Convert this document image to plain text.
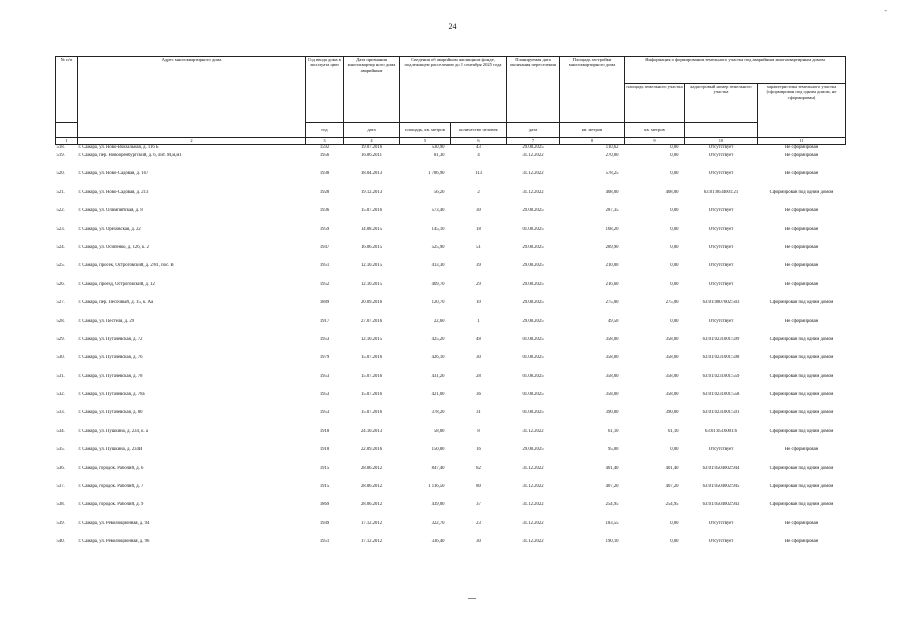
24
-
№ п/п	Адрес многоквартирного дома	Год ввода дома в эксплуата цию	Дата признания многоквартир ного дома аварийным	Сведения об аварийном жилищном фонде, подлежащем расселению до 1 сентября 2025 года		Планируемая дата окончания переселения	Площадь застройки многоквартирного дома	Информация о формировании земельного участка под аварийным многоквартирным домом		
								площадь земельного участка	кадастровый номер земельного участка	характеристика земельного участка (сформирован под одним домом, не сформирован)
		год	дата	площадь, кв. метров	количество человек	дата	кв. метров	кв. метров		
1	2	3	4	5	6	7	8	9	10	11
518.	г. Самара, ул. Ново-Вокзальная, д. 116 Б	1592	19.07.2016	530,90	43	29.08.2025	110,62	0,00	Отсутствует	Не сформирован
519.	г. Самара, пер. Новооренбургский, д. 6, лит. М,м,м1	1956	16.06.2011	81,30	4	31.12.2022	270,00	0,00	Отсутствует	Не сформирован
520.	г. Самара, ул. Ново-Садовая, д. 167	1938	18.04.2013	1 786,90	113	31.12.2022	578,25	0,00	Отсутствует	Не сформирован
521.	г. Самара, ул. Ново-Садовая, д. 213	1928	19.12.2013	56,20	2	31.12.2022	408,00	408,00	63:01:0634001:21	Сформирован под одним домом
522.	г. Самара, ул. Олимпийская, д. 8	1936	15.07.2016	573,40	30	29.08.2025	287,35	0,00	Отсутствует	Не сформирован
523.	г. Самара, ул. Ореховская, д. 22	1959	14.08.2015	145,10	18	01.08.2025	168,20	0,00	Отсутствует	Не сформирован
524.	г. Самара, ул. Осипенко, д. 126, к. 2	1947	16.06.2015	525,90	51	29.08.2025	289,90	0,00	Отсутствует	Не сформирован
525.	г. Самара, просек, Остроговский, д. 2/81, пос. В	1951	12.10.2015	413,30	39	29.08.2025	210,00	0,00	Отсутствует	Не сформирован
526.	г. Самара, проезд, Остроговский, д. 12	1952	12.10.2015	409,70	29	29.08.2025	216,60	0,00	Отсутствует	Не сформирован
527.	г. Самара, пер. Песочный, д. 15, к. Аа	1889	20.09.2016	120,70	10	29.08.2025	275,00	275,00	63:01:0807002:503	Сформирован под одним домом
528.	г. Самара, ул. Пестеля, д. 29	1917	27.07.2016	22,60	1	29.08.2025	49,50	0,00	Отсутствует	Не сформирован
529.	г. Самара, ул. Пугачевская, д. 72	1953	12.10.2015	425,20	48	01.08.2025	358,00	358,00	63:01:0231001:599	Сформирован под одним домом
530.	г. Самара, ул. Пугачевская, д. 76	1979	15.07.2016	426,10	30	01.08.2025	358,00	358,00	63:01:0231001:598	Сформирован под одним домом
531.	г. Самара, ул. Пугачевская, д. 78	1953	15.07.2016	431,20	28	01.08.2025	358,00	358,00	63:01:0231001:559	Сформирован под одним домом
532.	г. Самара, ул. Пугачевская, д. 78а	1953	15.07.2016	421,00	36	01.08.2025	358,00	358,00	63:01:0231001:558	Сформирован под одним домом
533.	г. Самара, ул. Пугачевская, д. 80	1953	15.07.2016	378,20	31	01.08.2025	390,00	390,00	63:01:0231001:591	Сформирован под одним домом
534.	г. Самара, ул. Пушкина, д. 234, к. а	1918	24.10.2013	58,80	8	31.12.2022	61,10	61,10	63:01:0516001:6	Сформирован под одним домом
535.	г. Самара, ул. Пушкина, д. 234И	1918	22.09.2016	150,80	16	29.08.2025	95,00	0,00	Отсутствует	Не сформирован
536.	г. Самара, городок. Рабочий, д. 6	1915	28.06.2012	847,40	82	31.12.2022	401,40	401,40	63:01:0504002:944	Сформирован под одним домом
537.	г. Самара, городок. Рабочий, д. 7	1915	28.06.2012	1 116,50	80	31.12.2022	407,20	407,20	63:01:0504002:945	Сформирован под одним домом
538.	г. Самара, городок. Рабочий, д. 9	1869	28.06.2012	439,00	37	31.12.2022	254,95	254,95	63:01:0504002:943	Сформирован под одним домом
539.	г. Самара, ул. Революционная, д. 94	1949	17.12.2012	322,70	23	31.12.2022	183,55	0,00	Отсутствует	Не сформирован
540.	г. Самара, ул. Революционная, д. 96	1951	17.12.2012	336,40	30	31.12.2022	190,10	0,00	Отсутствует	Не сформирован
